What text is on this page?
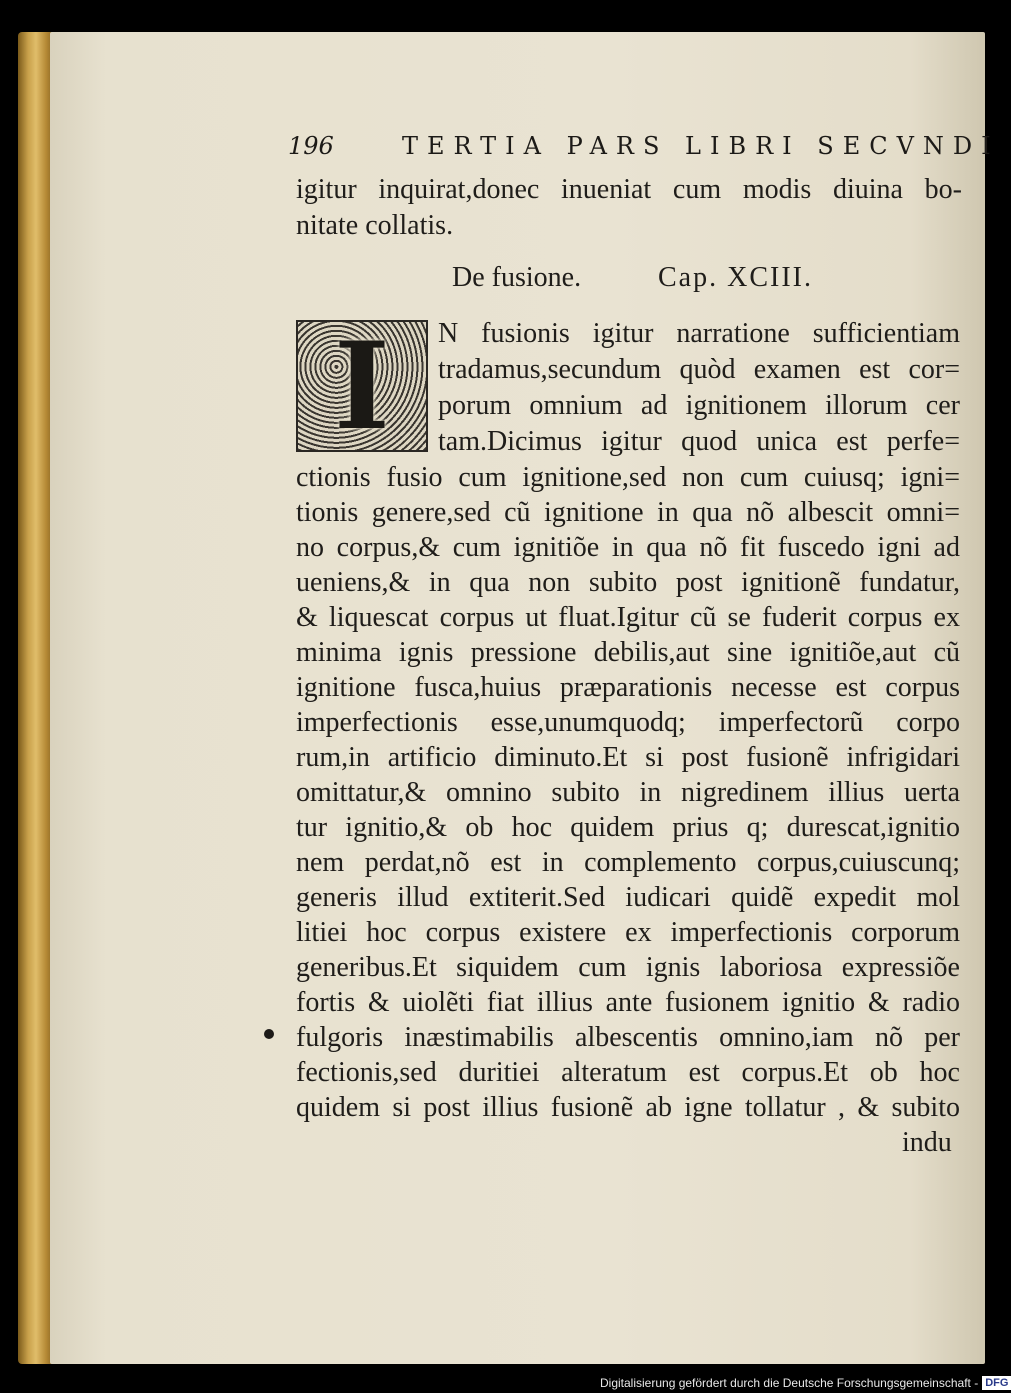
196	TERTIA PARS LIBRI SECVNDI
igitur inquirat,donec inueniat cum modis diuina bo-
nitate collatis.
De fusione.	Cap. XCIII.
I	N fusionis igitur narratione sufficientiam
tradamus,secundum quòd examen est cor=
porum omnium ad ignitionem illorum cer
tam.Dicimus igitur quod unica est perfe=
ctionis fusio cum ignitione,sed non cum cuiusq; igni=
tionis genere,sed cũ ignitione in qua nõ albescit omni=
no corpus,& cum ignitiõe in qua nõ fit fuscedo igni ad
ueniens,& in qua non subito post ignitionẽ fundatur,
& liquescat corpus ut fluat.Igitur cũ se fuderit corpus ex
minima ignis pressione debilis,aut sine ignitiõe,aut cũ
ignitione fusca,huius præparationis necesse est corpus
imperfectionis esse,unumquodq; imperfectorũ corpo
rum,in artificio diminuto.Et si post fusionẽ infrigidari
omittatur,& omnino subito in nigredinem illius uerta
tur ignitio,& ob hoc quidem prius q; durescat,ignitio
nem perdat,nõ est in complemento corpus,cuiuscunq;
generis illud extiterit.Sed iudicari quidẽ expedit mol
litiei hoc corpus existere ex imperfectionis corporum
generibus.Et siquidem cum ignis laboriosa expressiõe
fortis & uiolẽti fiat illius ante fusionem ignitio & radio
fulgoris inæstimabilis albescentis omnino,iam nõ per
fectionis,sed duritiei alteratum est corpus.Et ob hoc
quidem si post illius fusionẽ ab igne tollatur , & subito
indu
Digitalisierung gefördert durch die Deutsche Forschungsgemeinschaft - DFG
